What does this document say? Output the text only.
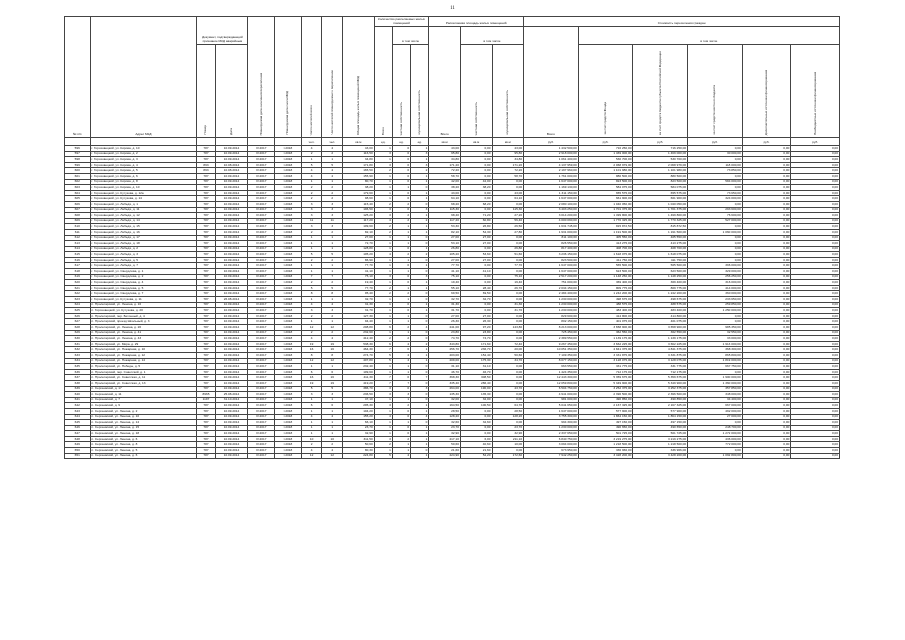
11
№ п/п	Адрес МКД	Документ, подтверждающий признание МКД аварийным		Планируемая дата окончания переселения	Планируемая дата сноса МКД	Число жителей всего	Число жителей планируемых к переселению	Общая площадь жилых помещений МКД	Количество расселяемых жилых помещений			Расселяемая площадь жилых помещений			Стоимость переселения граждан					
									Всего	в том числе		Всего	в том числе		Всего	в том числе				
		Номер	Дата							частная собственность	муниципальная собственность		частная собственность	муниципальная собственность		за счет средств Фонда	за счет средств бюджета субъекта Российской Федерации	за счет средств местного бюджета	Дополнительные источники финансирования	Внебюджетные источники финансирования
						чел.	чел.	кв.м	ед.	ед.	ед.	кв.м	кв.м	кв.м	руб.	руб.	руб.	руб.	руб.	руб.
596	г. Гороховецкий, ул. Кирова, д. 10	787	10.09.2014	IV.2017	I.2018	4	4	43,00	1	0	1	43,00	0,00	43,00	1 432 500,00	716 250,00	716 250,00	0,00	0,00	0,00
597	г. Гороховецкий, ул. Кирова, д. 2	787	10.09.2014	IV.2017	I.2018	2	2	116,50	3	0	3	95,80	0,00	95,80	2 918 000,00	1 469 000,00	1 469 000,00	30 000,00	0,00	0,00
598	г. Гороховецкий, ул. Кирова, д. 3	787	10.09.2014	IV.2017	I.2018	1	1	34,80	1	0	1	34,80	0,00	34,80	1 061 400,00	530 700,00	530 700,00	0,00	0,00	0,00
599	г. Гороховецкий, ул. Кирова, д. 4	893	10.08.2014	IV.2017	I.2018	5	5	171,80	3	0	3	171,20	0,00	171,20	4 137 959,00	2 068 979,00	2 068 979,00	118 000,00	0,00	0,00
600	г. Гороховецкий, ул. Кирова, д. 5	893	10.08.2014	IV.2017	I.2018	4	4	165,50	2	0	2	72,20	0,00	72,20	2 197 960,00	1 101 980,00	1 101 980,00	73 850,00	0,00	0,00
601	г. Гороховецкий, ул. Кирова, д. 6	787	10.09.2014	IV.2017	I.2018	4	4	155,90	1	0	1	58,70	0,00	58,70	1 761 000,00	880 500,00	880 500,00	0,00	0,00	0,00
602	г. Гороховецкий, ул. Кирова, д. 8	787	10.09.2014	IV.2017	I.2018	1	1	80,70	1	0	1	42,00	42,00	0,00	1 647 000,00	823 500,00	823 500,00	584 000,00	0,00	0,00
603	г. Гороховецкий, ул. Кирова, д. 10	787	10.09.2014	IV.2017	I.2018	2	2	38,20	1	1	0	38,20	38,20	0,00	1 169 130,00	584 075,00	584 075,00	0,00	0,00	0,00
604	г. Гороховецкий, ул. Кутузова, д. 12а	787	10.09.2014	IV.2017	I.2018	2	2	179,60	1	0	1	43,00	0,00	43,00	1 311 150,00	655 575,00	655 575,00	73 650,00	0,00	0,00
605	г. Гороховецкий, ул. Кутузова, д. 14	787	10.09.2014	IV.2017	I.2018	2	2	98,60	1	0	1	64,10	0,00	64,10	1 647 000,00	661 900,00	661 900,00	324 000,00	0,00	0,00
606	г. Гороховецкий, ул. Лебедя, д. 1	787	10.09.2014	IV.2017	I.2018	3	3	115,40	2	2	0	68,20	68,20	0,00	2 080 100,00	1 040 050,00	1 040 050,00	0,00	0,00	0,00
607	г. Гороховецкий, ул. Лебедя, д. 11	787	10.09.2014	IV.2017	I.2018	3	3	196,50	3	0	3	115,30	0,00	115,30	3 403 250,00	1 701 375,00	1 701 375,00	293 600,00	0,00	0,00
608	г. Гороховецкий, ул. Лебедя, д. 12	787	10.09.2014	IV.2017	I.2018	3	3	125,20	3	2	1	98,40	71,20	27,20	3 014 200,00	1 499 800,00	1 499 800,00	76 600,00	0,00	0,00
609	г. Гороховецкий, ул. Лебедя, д. 14	787	10.09.2014	IV.2017	I.2018	11	11	117,20	4	2	2	117,20	60,80	56,40	4 000 090,00	1 770 325,00	1 770 325,00	527 000,00	0,00	0,00
610	г. Гороховецкий, ул. Лебедя, д. 15	787	10.09.2014	IV.2017	I.2018	3	3	109,60	2	1	1	53,30	26,80	26,50	1 631 745,00	815 872,50	815 872,50	0,00	0,00	0,00
611	г. Гороховецкий, ул. Лебедя, д. 16	787	10.09.2014	IV.2017	I.2018	2	2	82,10	2	1	1	82,10	54,30	27,80	1 931 000,00	1 191 500,00	1 191 500,00	1 060 000,00	0,00	0,00
612	г. Гороховецкий, ул. Лебедя, д. 17	787	10.09.2014	IV.2017	I.2018	1	1	27,00	1	1	0	27,00	27,00	0,00	811 100,00	405 550,00	405 550,00	0,00	0,00	0,00
613	г. Гороховецкий, ул. Лебедя, д. 18	787	10.09.2014	IV.2017	I.2018	1	1	72,70	1	1	0	53,10	27,00	0,00	826 550,00	413 275,00	413 275,00	0,00	0,00	0,00
614	г. Гороховецкий, ул. Лебедя, д. 2	787	10.09.2014	IV.2017	I.2018	1	1	128,80	1	0	1	26,80	0,00	26,80	817 400,00	408 700,00	408 700,00	0,00	0,00	0,00
615	г. Гороховецкий, ул. Лебедя, д. 3	787	10.09.2014	IV.2017	I.2018	5	5	105,20	4	2	2	105,20	53,60	51,60	3 236 150,00	1 618 075,00	1 618 075,00	0,00	0,00	0,00
616	г. Гороховецкий, ул. Лебедя, д. 5	787	10.09.2014	IV.2017	I.2018	2	2	86,90	1	1	0	27,00	27,00	0,00	823 500,00	411 750,00	411 750,00	0,00	0,00	0,00
617	г. Гороховецкий, ул. Лебедя, д. 7	787	10.09.2014	IV.2017	I.2018	1	1	77,70	1	0	1	77,70	0,00	77,70	1 647 000,00	565 500,00	565 500,00	396 000,00	0,00	0,00
618	г. Гороховецкий, ул. Свердлова, д. 1	787	10.09.2014	IV.2017	I.2018	1	1	41,10	1	1	0	41,10	41,10	0,00	1 647 000,00	623 500,00	623 500,00	329 000,00	0,00	0,00
619	г. Гороховецкий, ул. Свердлова, д. 2	787	10.09.2014	IV.2017	I.2018	7	7	75,10	3	0	3	75,10	0,00	75,10	2 517 200,00	1 148 250,00	1 148 250,00	256 250,00	0,00	0,00
620	г. Гороховецкий, ул. Свердлова, д. 4	787	10.09.2014	IV.2017	I.2018	2	2	19,40	1	0	1	19,40	0,00	19,40	751 000,00	369 400,00	369 400,00	316 000,00	0,00	0,00
621	г. Гороховецкий, ул. Свердлова, д. 5	787	10.09.2014	IV.2017	I.2018	5	5	77,70	2	1	1	55,10	28,40	26,70	2 034 150,00	809 775,00	809 775,00	414 000,00	0,00	0,00
622	г. Гороховецкий, ул. Свердлова, д. 7	787	10.09.2014	IV.2017	I.2018	8	8	95,40	2	2	0	69,50	69,50	0,00	2 484 400,00	1 242 200,00	1 242 200,00	360 000,00	0,00	0,00
623	г. Гороховецкий, ул. Кутузова, д. 11	787	26.08.2014	IV.2017	I.2018	1	1	32,70	1	1	0	32,70	32,70	0,00	1 230 000,00	498 675,00	498 675,00	233 650,00	0,00	0,00
624	п. Пролетарский, ул. Ленина, д. 16	787	10.09.2014	IV.2017	I.2018	4	4	31,30	1	0	1	31,30	0,00	31,30	1 230 000,00	488 575,00	488 575,00	259 850,00	0,00	0,00
625	п. Гороховецкий, ул. Кутузова, д. 20	787	10.09.2014	IV.2017	I.2018	3	3	31,70	1	0	1	31,70	0,00	31,70	1 230 000,00	483 400,00	483 400,00	1 250 000,00	0,00	0,00
626	п. Пролетарский, пер. Бетонный, д. 4	787	10.09.2014	IV.2017	I.2018	2	2	127,30	1	1	0	27,00	27,00	0,00	829 600,00	414 800,00	414 800,00	0,00	0,00	0,00
627	п. Пролетарский, проезд Школьный, д. 3	787	10.09.2014	IV.2017	I.2018	1	1	94,40	1	1	0	26,30	26,30	0,00	802 150,00	401 075,00	401 075,00	0,00	0,00	0,00
628	п. Пролетарский, ул. Ленина, д. 20	787	10.09.2014	IV.2017	I.2018	12	12	208,80	6	2	4	241,00	97,20	143,80	8 213 000,00	3 658 900,00	3 658 900,00	985 350,00	0,00	0,00
629	п. Пролетарский, ул. Ленина, д. 41	787	10.09.2014	IV.2017	I.2018	2	2	232,60	1	1	0	23,80	23,80	0,00	725 450,00	362 550,00	362 550,00	32 550,00	0,00	0,00
630	п. Пролетарский, ул. Ленина, д. 43	787	10.09.2014	IV.2017	I.2018	4	4	412,40	2	2	0	74,70	74,70	0,00	2 389 550,00	1 139 175,00	1 139 175,00	33 000,00	0,00	0,00
631	п. Пролетарский, ул. Мира, д. 29	787	10.09.2014	IV.2017	I.2018	19	19	538,30	6	4	2	343,80	171,60	72,40	9 267 450,00	3 662 225,00	3 662 225,00	1 913 000,00	0,00	0,00
632	п. Пролетарский, ул. Пожарная, д. 10	787	10.09.2014	IV.2017	I.2018	16	16	464,30	7	6	1	256,70	236,70	20,00	10 051 350,00	4 841 375,00	4 841 375,00	368 300,00	0,00	0,00
633	п. Пролетарский, ул. Пожарная, д. 12	787	10.09.2014	IV.2017	I.2018	8	8	274,70	5	4	1	203,00	152,40	50,60	7 109 350,00	3 331 875,00	3 331 875,00	865 800,00	0,00	0,00
634	п. Пролетарский, ул. Пожарная, д. 14	787	10.09.2014	IV.2017	I.2018	12	12	407,80	5	4	1	209,00	175,30	34,70	8 077 150,00	3 128 075,00	3 128 075,00	1 819 000,00	0,00	0,00
635	п. Пролетарский, ул. Победы, д. 5	787	10.09.2014	IV.2017	I.2018	1	1	232,40	1	1	0	31,10	31,10	0,00	663 550,00	331 775,00	331 775,00	667 750,00	0,00	0,00
636	п. Пролетарский, пер. Советский, д. 1	787	10.09.2014	IV.2017	I.2018	6	6	109,60	1	1	0	46,70	46,70	0,00	1 424 350,00	712 175,00	712 175,00	0,00	0,00	0,00
637	п. Пролетарский, ул. Советская, д. 11	787	10.09.2014	IV.2017	I.2018	16	16	411,30	7	0	7	368,30	308,50	0,00	12 443 300,00	5 359 675,00	5 359 675,00	1 900 000,00	0,00	0,00
638	п. Пролетарский, ул. Советская, д. 13	787	10.09.2014	IV.2017	I.2018	19	19	419,20	7	7	0	335,40	286,40	0,00	12 059 800,00	5 349 900,00	5 349 900,00	1 360 000,00	0,00	0,00
639	п. Сергеевский, д. 17	787	10.09.2014	IV.2017	I.2018	5	5	386,70	3	0	3	264,00	190,00	43,70	6 504 750,00	3 252 375,00	3 252 375,00	357 850,00	0,00	0,00
640	п. Сергеевский, д. 11	8965	25.08.2014	IV.2017	I.2018	3	3	236,50	3	3	0	135,30	135,30	0,00	4 941 000,00	2 396 500,00	2 396 500,00	348 000,00	0,00	0,00
641	п. Сергеевский, д. 7	1197	31.10.2014	IV.2017	I.2018	1	1	47,10	1	1	0	32,00	32,00	0,00	981 000,00	490 850,00	490 850,00	34 400,00	0,00	0,00
642	п. Сергеевский, д. 9	787	10.09.2014	IV.2017	I.2018	6	6	295,30	3	2	1	164,50	100,50	64,70	5 041 650,00	2 167 325,00	2 167 325,00	667 000,00	0,00	0,00
643	п. Сергеевский, ул. Ленина, д. 2	787	10.09.2014	IV.2017	I.2018	1	1	104,20	1	0	1	28,50	0,00	28,50	1 647 000,00	577 900,00	577 900,00	492 000,00	0,00	0,00
644	п. Сергеевский, ул. Ленина, д. 10	787	10.09.2014	IV.2017	I.2018	4	4	155,20	4	0	4	128,20	0,00	128,20	3 755 300,00	1 864 150,00	1 864 150,00	27 000,00	0,00	0,00
645	п. Сергеевский, ул. Ленина, д. 14	787	10.09.2014	IV.2017	I.2018	1	1	66,10	1	1	0	32,60	32,60	0,00	994 300,00	497 150,00	497 150,00	0,00	0,00	0,00
646	п. Сергеевский, ул. Ленина, д. 15	787	10.09.2014	IV.2017	I.2018	1	1	23,70	1	0	1	23,70	0,00	23,70	1 230 000,00	490 650,00	490 650,00	248 700,00	0,00	0,00
647	п. Сергеевский, ул. Ленина, д. 18	787	10.09.2014	IV.2017	I.2018	1	1	32,90	1	0	1	32,90	0,00	32,90	2 337 650,00	501 725,00	501 725,00	1 272 000,00	0,00	0,00
648	п. Сергеевский, ул. Ленина, д. 6	787	10.09.2014	IV.2017	I.2018	10	10	311,50	3	2	1	217,10	6,00	211,10	6 840 750,00	3 219 275,00	3 219 275,00	436 000,00	0,00	0,00
649	п. Сергеевский, ул. Ленина, д. 8	787	10.09.2014	IV.2017	I.2018	2	2	50,60	2	1	1	50,60	40,60	10,00	3 094 000,00	1 218 500,00	1 218 500,00	772 000,00	0,00	0,00
650	п. Сергеевский, ул. Ленина, д. 5	787	10.09.2014	IV.2017	I.2018	4	4	80,30	1	1	0	21,60	21,60	0,00	673 950,00	336 966,00	336 966,00	0,00	0,00	0,00
651	п. Сергеевский, ул. Ленина, д. 6	787	10.09.2014	IV.2017	I.2018	12	12	224,80	5	4	1	224,90	52,20	172,60	7 942 250,00	3 428 200,00	3 428 200,00	1 092 800,00	0,00	0,00
